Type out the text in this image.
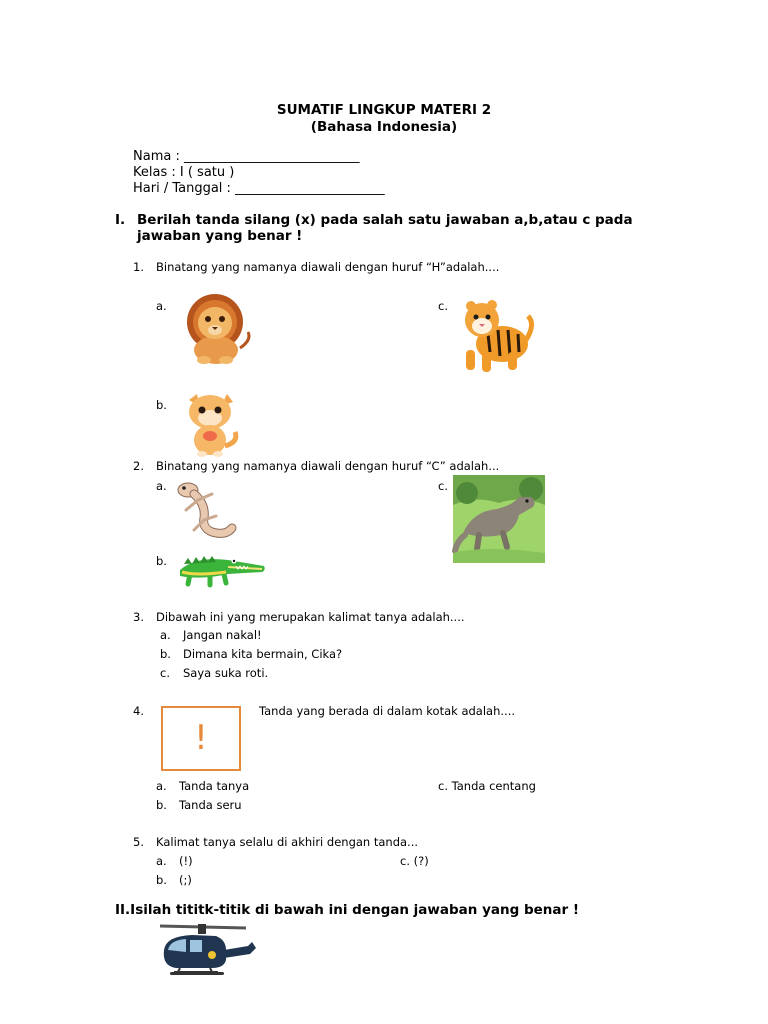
SUMATIF LINGKUP MATERI 2
(Bahasa Indonesia)
Nama : ___________________________
Kelas : I ( satu )
Hari / Tanggal : _______________________
I. Berilah tanda silang (x) pada salah satu jawaban a,b,atau c pada
jawaban yang benar !
1. Binatang yang namanya diawali dengan huruf “H”adalah....
a.	c.
b.
2. Binatang yang namanya diawali dengan huruf “C” adalah...
a.	c.
b.
3. Dibawah ini yang merupakan kalimat tanya adalah....
a. Jangan nakal!
b. Dimana kita bermain, Cika?
c. Saya suka roti.
4.
!
Tanda yang berada di dalam kotak adalah....
a. Tanda tanya
b. Tanda seru
c. Tanda centang
5. Kalimat tanya selalu di akhiri dengan tanda...
a. (!)
b. (;)
c. (?)
II.Isilah tititk-titik di bawah ini dengan jawaban yang benar !
